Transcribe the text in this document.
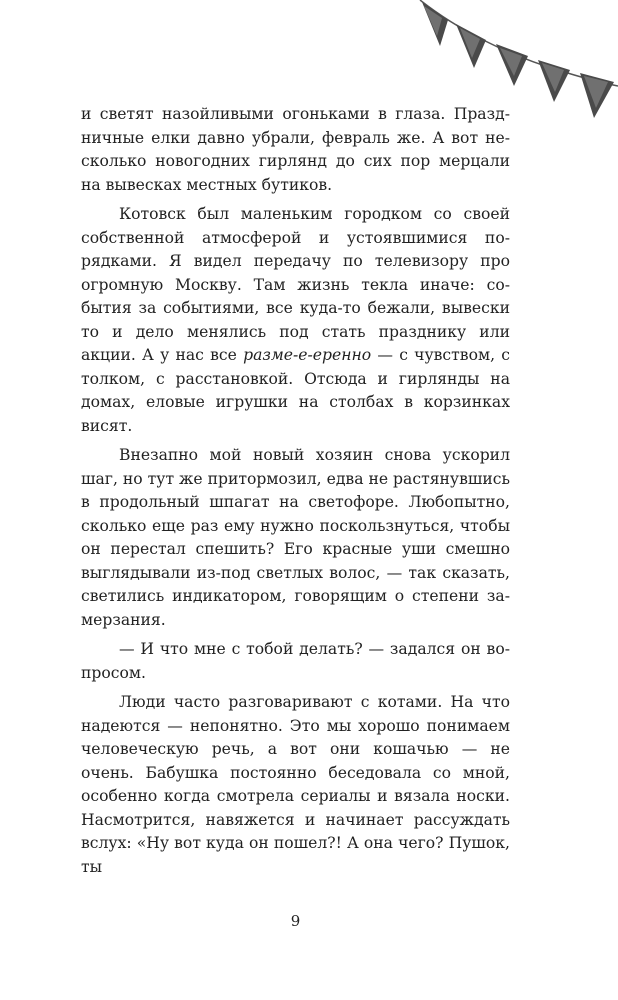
и светят назойливыми огоньками в глаза. Праздничные елки давно убрали, февраль же. А вот несколько новогодних гирлянд до сих пор мерцали на вывесках местных бутиков.

Котовск был маленьким городком со своей собственной атмосферой и устоявшимися порядками. Я видел передачу по телевизору про огромную Москву. Там жизнь текла иначе: события за событиями, все куда-то бежали, вывески то и дело менялись под стать празднику или акции. А у нас все разме-е-еренно — с чувством, с толком, с расстановкой. Отсюда и гирлянды на домах, еловые игрушки на столбах в корзинках висят.

Внезапно мой новый хозяин снова ускорил шаг, но тут же притормозил, едва не растянувшись в продольный шпагат на светофоре. Любопытно, сколько еще раз ему нужно поскользнуться, чтобы он перестал спешить? Его красные уши смешно выглядывали из-под светлых волос, — так сказать, светились индикатором, говорящим о степени замерзания.

— И что мне с тобой делать? — задался он вопросом.

Люди часто разговаривают с котами. На что надеются — непонятно. Это мы хорошо понимаем человеческую речь, а вот они кошачью — не очень. Бабушка постоянно беседовала со мной, особенно когда смотрела сериалы и вязала носки. Насмотрится, навяжется и начинает рассуждать вслух: «Ну вот куда он пошел?! А она чего? Пушок, ты

9
